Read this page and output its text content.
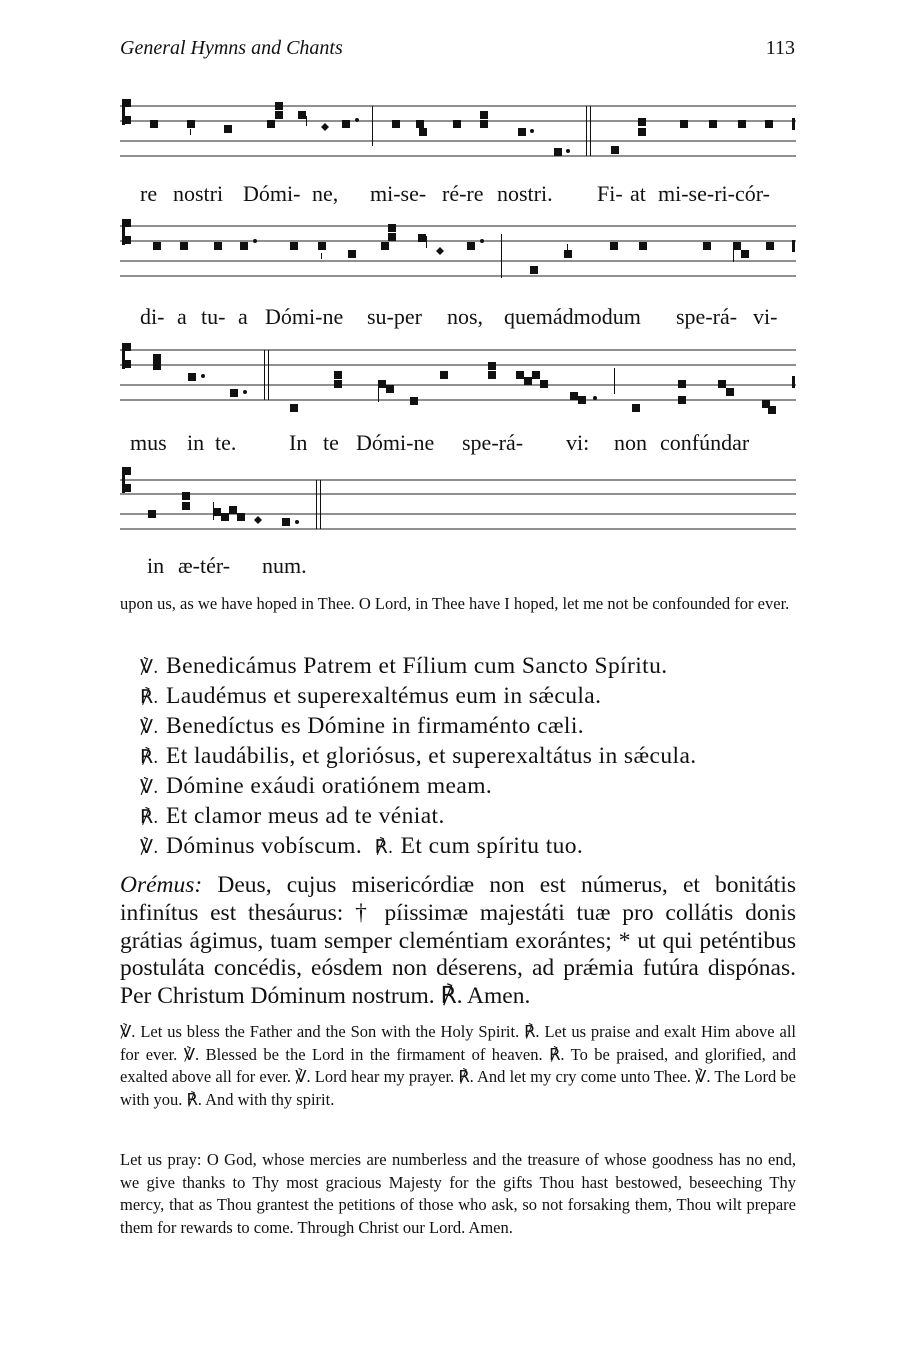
General Hymns and Chants	113
re nostri Dómi- ne, mi-se- ré-re nostri. Fi- at mi-se-ri-cór-
di- a tu- a Dómi-ne su-per nos, quemádmodum spe-rá- vi-
mus in te. In te Dómi-ne spe-rá- vi: non confúndar
in æ-tér- num.
upon us, as we have hoped in Thee. O Lord, in Thee have I hoped, let me not be confounded for ever.
℣. Benedicámus Patrem et Fílium cum Sancto Spíritu.
℟. Laudémus et superexaltémus eum in sǽcula.
℣. Benedíctus es Dómine in firmaménto cæli.
℟. Et laudábilis, et gloriósus, et superexaltátus in sǽcula.
℣. Dómine exáudi oratiónem meam.
℟. Et clamor meus ad te véniat.
℣. Dóminus vobíscum. ℟. Et cum spíritu tuo.
Orémus: Deus, cujus misericórdiæ non est númerus, et bonitátis infinítus est thesáurus: † píissimæ majestáti tuæ pro collátis donis grátias ágimus, tuam semper cleméntiam exorántes; * ut qui peténtibus postuláta concédis, eósdem non déserens, ad prǽmia futúra dispónas. Per Christum Dóminum nostrum. ℟. Amen.
℣. Let us bless the Father and the Son with the Holy Spirit. ℟. Let us praise and exalt Him above all for ever. ℣. Blessed be the Lord in the firmament of heaven. ℟. To be praised, and glorified, and exalted above all for ever. ℣. Lord hear my prayer. ℟. And let my cry come unto Thee. ℣. The Lord be with you. ℟. And with thy spirit.
Let us pray: O God, whose mercies are numberless and the treasure of whose goodness has no end, we give thanks to Thy most gracious Majesty for the gifts Thou hast bestowed, beseeching Thy mercy, that as Thou grantest the petitions of those who ask, so not forsaking them, Thou wilt prepare them for rewards to come. Through Christ our Lord. Amen.
